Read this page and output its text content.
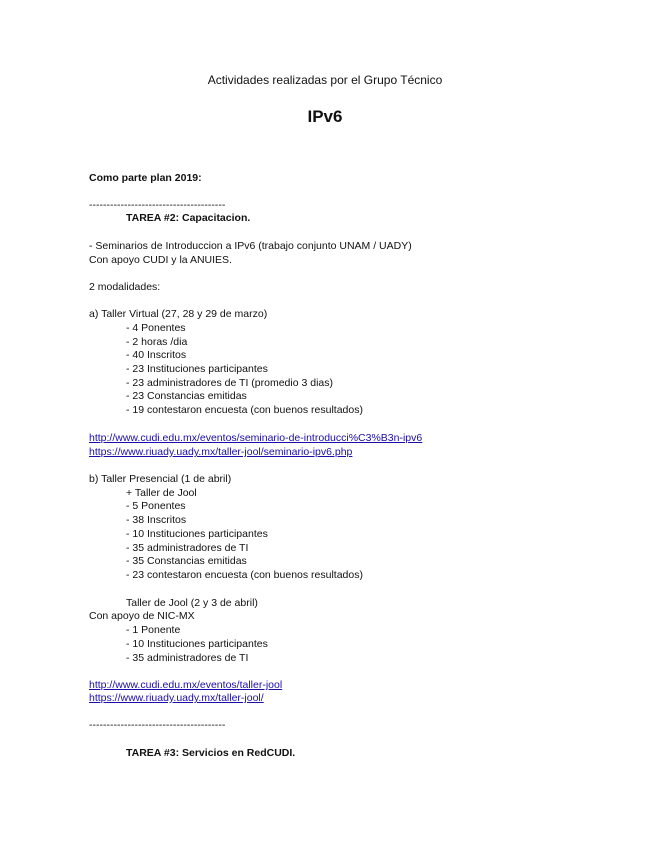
Actividades realizadas por el Grupo Técnico
IPv6
Como parte plan 2019:
---------------------------------------
TAREA #2: Capacitacion.
- Seminarios de Introduccion a IPv6 (trabajo conjunto UNAM / UADY)
Con apoyo CUDI y la ANUIES.
2 modalidades:
a) Taller Virtual (27, 28 y 29 de marzo)
- 4 Ponentes
- 2 horas /dia
- 40 Inscritos
- 23 Instituciones participantes
- 23 administradores de TI (promedio 3 dias)
- 23 Constancias emitidas
- 19 contestaron encuesta (con buenos resultados)
http://www.cudi.edu.mx/eventos/seminario-de-introducci%C3%B3n-ipv6
https://www.riuady.uady.mx/taller-jool/seminario-ipv6.php
b) Taller Presencial (1 de abril)
+ Taller de Jool
- 5 Ponentes
- 38 Inscritos
- 10 Instituciones participantes
- 35 administradores de TI
- 35 Constancias emitidas
- 23 contestaron encuesta (con buenos resultados)
Taller de Jool (2 y 3 de abril)
Con apoyo de NIC-MX
- 1 Ponente
- 10 Instituciones participantes
- 35 administradores de TI
http://www.cudi.edu.mx/eventos/taller-jool
https://www.riuady.uady.mx/taller-jool/
---------------------------------------
TAREA #3: Servicios en RedCUDI.
